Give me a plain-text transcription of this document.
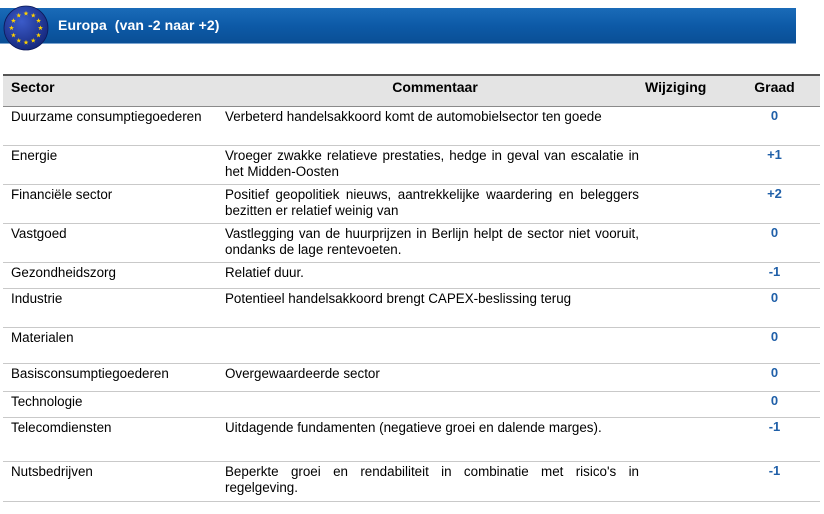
Europa  (van -2 naar +2)
Sector	Commentaar	Wijziging	Graad
Duurzame consumptiegoederen	Verbeterd handelsakkoord komt de automobielsector ten goede		0
Energie	Vroeger zwakke relatieve prestaties, hedge in geval van escalatie in het Midden-Oosten		+1
Financiële sector	Positief geopolitiek nieuws, aantrekkelijke waardering en beleggers bezitten er relatief weinig van		+2
Vastgoed	Vastlegging van de huurprijzen in Berlijn helpt de sector niet vooruit, ondanks de lage rentevoeten.		0
Gezondheidszorg	Relatief duur.		-1
Industrie	Potentieel handelsakkoord brengt CAPEX-beslissing terug		0
Materialen			0
Basisconsumptiegoederen	Overgewaardeerde sector		0
Technologie			0
Telecomdiensten	Uitdagende fundamenten (negatieve groei en dalende marges).		-1
Nutsbedrijven	Beperkte groei en rendabiliteit in combinatie met risico's in regelgeving.		-1
